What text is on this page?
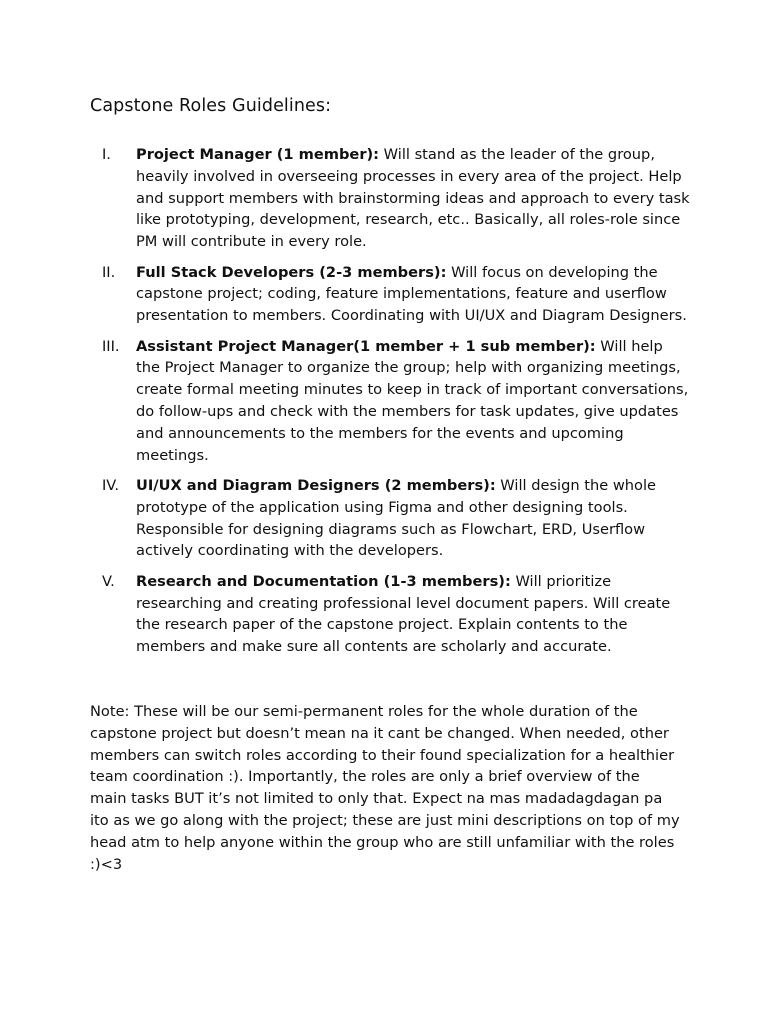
Capstone Roles Guidelines:
I. Project Manager (1 member): Will stand as the leader of the group, heavily involved in overseeing processes in every area of the project. Help and support members with brainstorming ideas and approach to every task like prototyping, development, research, etc.. Basically, all roles-role since PM will contribute in every role.
II. Full Stack Developers (2-3 members): Will focus on developing the capstone project; coding, feature implementations, feature and userflow presentation to members. Coordinating with UI/UX and Diagram Designers.
III. Assistant Project Manager(1 member + 1 sub member): Will help the Project Manager to organize the group; help with organizing meetings, create formal meeting minutes to keep in track of important conversations, do follow-ups and check with the members for task updates, give updates and announcements to the members for the events and upcoming meetings.
IV. UI/UX and Diagram Designers (2 members): Will design the whole prototype of the application using Figma and other designing tools. Responsible for designing diagrams such as Flowchart, ERD, Userflow actively coordinating with the developers.
V. Research and Documentation (1-3 members): Will prioritize researching and creating professional level document papers. Will create the research paper of the capstone project. Explain contents to the members and make sure all contents are scholarly and accurate.

Note: These will be our semi-permanent roles for the whole duration of the capstone project but doesn’t mean na it cant be changed. When needed, other members can switch roles according to their found specialization for a healthier team coordination :). Importantly, the roles are only a brief overview of the main tasks BUT it’s not limited to only that. Expect na mas madadagdagan pa ito as we go along with the project; these are just mini descriptions on top of my head atm to help anyone within the group who are still unfamiliar with the roles :)<3
